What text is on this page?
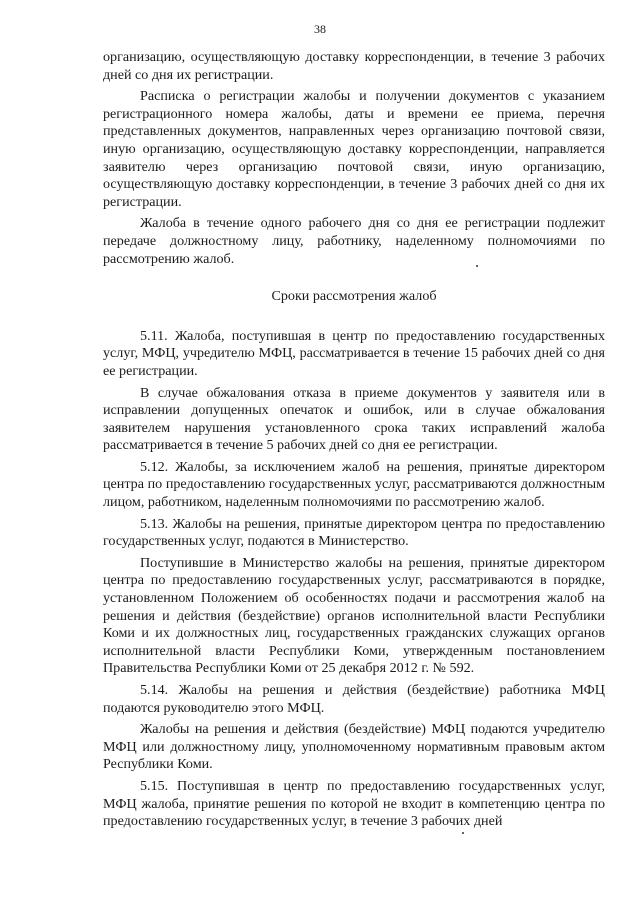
38

организацию, осуществляющую доставку корреспонденции, в течение 3 рабочих дней со дня их регистрации.

Расписка о регистрации жалобы и получении документов с указанием регистрационного номера жалобы, даты и времени ее приема, перечня представленных документов, направленных через организацию почтовой связи, иную организацию, осуществляющую доставку корреспонденции, направляется заявителю через организацию почтовой связи, иную организацию, осуществляющую доставку корреспонденции, в течение 3 рабочих дней со дня их регистрации.

Жалоба в течение одного рабочего дня со дня ее регистрации подлежит передаче должностному лицу, работнику, наделенному полномочиями по рассмотрению жалоб.

Сроки рассмотрения жалоб

5.11. Жалоба, поступившая в центр по предоставлению государственных услуг, МФЦ, учредителю МФЦ, рассматривается в течение 15 рабочих дней со дня ее регистрации.

В случае обжалования отказа в приеме документов у заявителя или в исправлении допущенных опечаток и ошибок, или в случае обжалования заявителем нарушения установленного срока таких исправлений жалоба рассматривается в течение 5 рабочих дней со дня ее регистрации.

5.12. Жалобы, за исключением жалоб на решения, принятые директором центра по предоставлению государственных услуг, рассматриваются должностным лицом, работником, наделенным полномочиями по рассмотрению жалоб.

5.13. Жалобы на решения, принятые директором центра по предоставлению государственных услуг, подаются в Министерство.

Поступившие в Министерство жалобы на решения, принятые директором центра по предоставлению государственных услуг, рассматриваются в порядке, установленном Положением об особенностях подачи и рассмотрения жалоб на решения и действия (бездействие) органов исполнительной власти Республики Коми и их должностных лиц, государственных гражданских служащих органов исполнительной власти Республики Коми, утвержденным постановлением Правительства Республики Коми от 25 декабря 2012 г. № 592.

5.14. Жалобы на решения и действия (бездействие) работника МФЦ подаются руководителю этого МФЦ.

Жалобы на решения и действия (бездействие) МФЦ подаются учредителю МФЦ или должностному лицу, уполномоченному нормативным правовым актом Республики Коми.

5.15. Поступившая в центр по предоставлению государственных услуг, МФЦ жалоба, принятие решения по которой не входит в компетенцию центра по предоставлению государственных услуг, в течение 3 рабочих дней
